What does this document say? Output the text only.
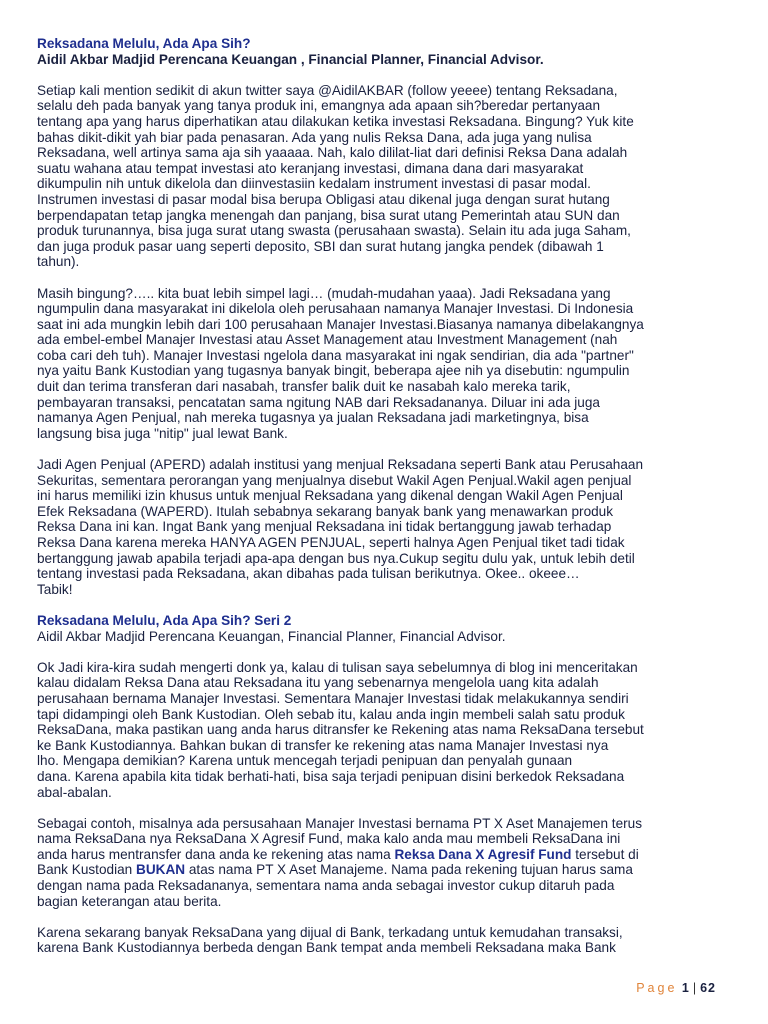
Reksadana Melulu, Ada Apa Sih?

Aidil Akbar Madjid Perencana Keuangan , Financial Planner, Financial Advisor.

Setiap kali mention sedikit di akun twitter saya @AidilAKBAR (follow yeeee) tentang Reksadana,
selalu deh pada banyak yang tanya produk ini, emangnya ada apaan sih?beredar pertanyaan
tentang apa yang harus diperhatikan atau dilakukan ketika investasi Reksadana. Bingung? Yuk kite
bahas dikit-dikit yah biar pada penasaran. Ada yang nulis Reksa Dana, ada juga yang nulisa
Reksadana, well artinya sama aja sih yaaaaa. Nah, kalo dililat-liat dari definisi Reksa Dana adalah
suatu wahana atau tempat investasi ato keranjang investasi, dimana dana dari masyarakat
dikumpulin nih untuk dikelola dan diinvestasiin kedalam instrument investasi di pasar modal.
Instrumen investasi di pasar modal bisa berupa Obligasi atau dikenal juga dengan surat hutang
berpendapatan tetap jangka menengah dan panjang, bisa surat utang Pemerintah atau SUN dan
produk turunannya, bisa juga surat utang swasta (perusahaan swasta). Selain itu ada juga Saham,
dan juga produk pasar uang seperti deposito, SBI dan surat hutang jangka pendek (dibawah 1
tahun).

Masih bingung?….. kita buat lebih simpel lagi… (mudah-mudahan yaaa). Jadi Reksadana yang
ngumpulin dana masyarakat ini dikelola oleh perusahaan namanya Manajer Investasi. Di Indonesia
saat ini ada mungkin lebih dari 100 perusahaan Manajer Investasi.Biasanya namanya dibelakangnya
ada embel-embel Manajer Investasi atau Asset Management atau Investment Management (nah
coba cari deh tuh). Manajer Investasi ngelola dana masyarakat ini ngak sendirian, dia ada "partner"
nya yaitu Bank Kustodian yang tugasnya banyak bingit, beberapa ajee nih ya disebutin: ngumpulin
duit dan terima transferan dari nasabah, transfer balik duit ke nasabah kalo mereka tarik,
pembayaran transaksi, pencatatan sama ngitung NAB dari Reksadananya. Diluar ini ada juga
namanya Agen Penjual, nah mereka tugasnya ya jualan Reksadana jadi marketingnya, bisa
langsung bisa juga "nitip" jual lewat Bank.

Jadi Agen Penjual (APERD) adalah institusi yang menjual Reksadana seperti Bank atau Perusahaan
Sekuritas, sementara perorangan yang menjualnya disebut Wakil Agen Penjual.Wakil agen penjual
ini harus memiliki izin khusus untuk menjual Reksadana yang dikenal dengan Wakil Agen Penjual
Efek Reksadana (WAPERD). Itulah sebabnya sekarang banyak bank yang menawarkan produk
Reksa Dana ini kan. Ingat Bank yang menjual Reksadana ini tidak bertanggung jawab terhadap
Reksa Dana karena mereka HANYA AGEN PENJUAL, seperti halnya Agen Penjual tiket tadi tidak
bertanggung jawab apabila terjadi apa-apa dengan bus nya.Cukup segitu dulu yak, untuk lebih detil
tentang investasi pada Reksadana, akan dibahas pada tulisan berikutnya. Okee.. okeee…
Tabik!

Reksadana Melulu, Ada Apa Sih? Seri 2

Aidil Akbar Madjid Perencana Keuangan, Financial Planner, Financial Advisor.

Ok Jadi kira-kira sudah mengerti donk ya, kalau di tulisan saya sebelumnya di blog ini menceritakan
kalau didalam Reksa Dana atau Reksadana itu yang sebenarnya mengelola uang kita adalah
perusahaan bernama Manajer Investasi. Sementara Manajer Investasi tidak melakukannya sendiri
tapi didampingi oleh Bank Kustodian. Oleh sebab itu, kalau anda ingin membeli salah satu produk
ReksaDana, maka pastikan uang anda harus ditransfer ke Rekening atas nama ReksaDana tersebut
ke Bank Kustodiannya. Bahkan bukan di transfer ke rekening atas nama Manajer Investasi nya
lho. Mengapa demikian? Karena untuk mencegah terjadi penipuan dan penyalah gunaan
dana. Karena apabila kita tidak berhati-hati, bisa saja terjadi penipuan disini berkedok Reksadana
abal-abalan.

Sebagai contoh, misalnya ada persusahaan Manajer Investasi bernama PT X Aset Manajemen terus
nama ReksaDana nya ReksaDana X Agresif Fund, maka kalo anda mau membeli ReksaDana ini
anda harus mentransfer dana anda ke rekening atas nama Reksa Dana X Agresif Fund tersebut di
Bank Kustodian BUKAN atas nama PT X Aset Manajeme. Nama pada rekening tujuan harus sama
dengan nama pada Reksadananya, sementara nama anda sebagai investor cukup ditaruh pada
bagian keterangan atau berita.

Karena sekarang banyak ReksaDana yang dijual di Bank, terkadang untuk kemudahan transaksi,
karena Bank Kustodiannya berbeda dengan Bank tempat anda membeli Reksadana maka Bank

Page 1 | 62
